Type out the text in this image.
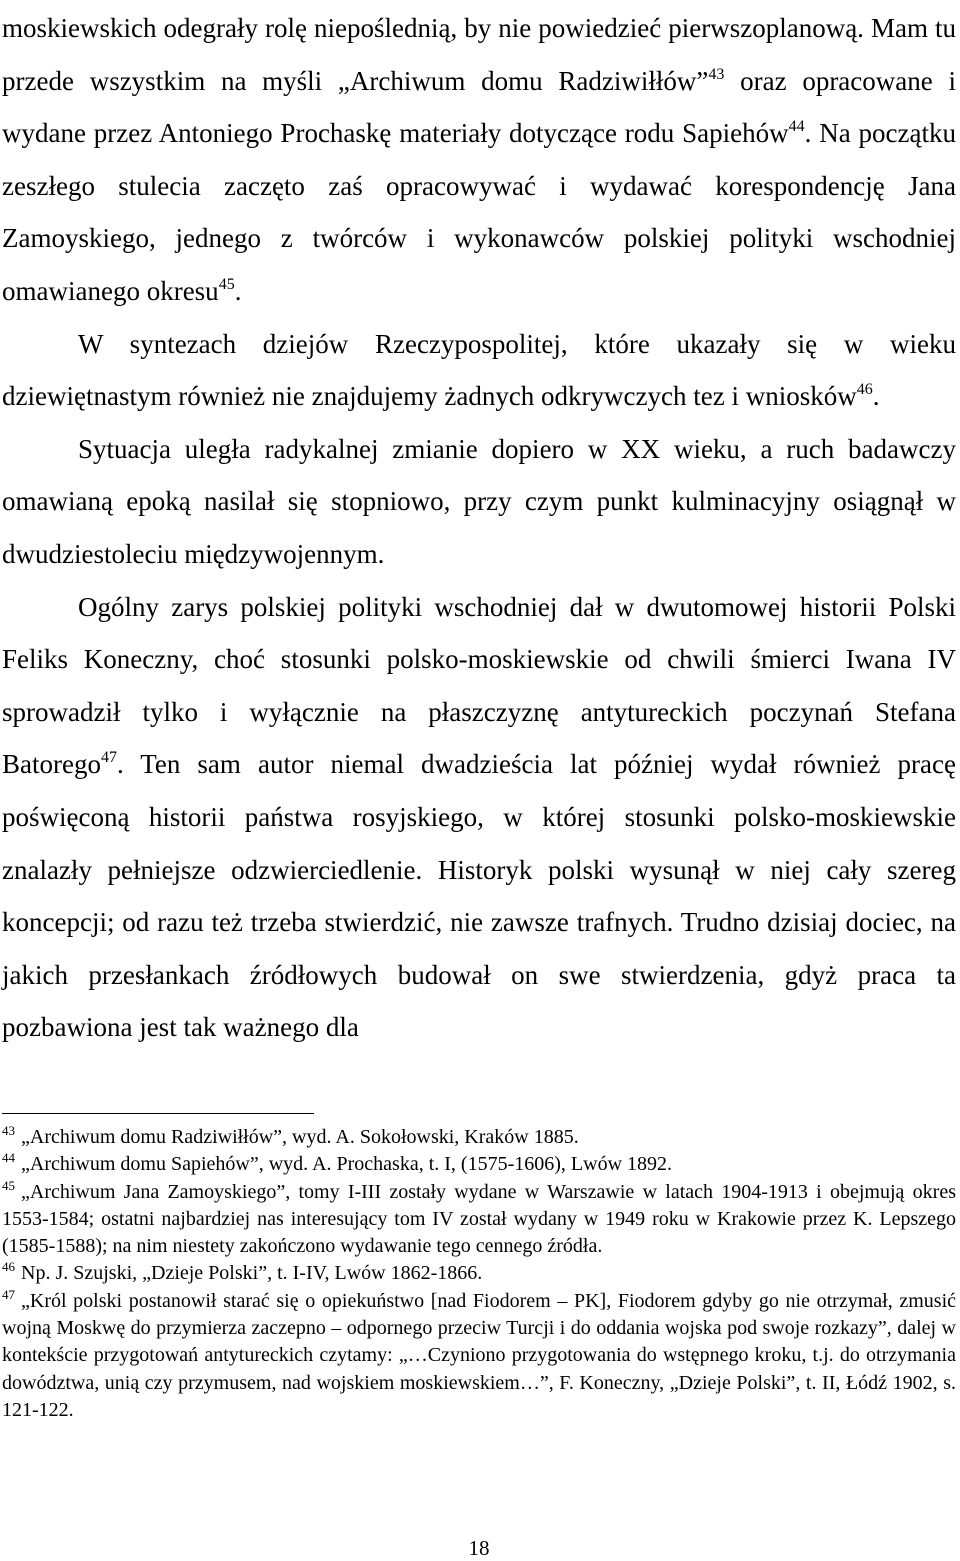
moskiewskich odegrały rolę niepoślednią, by nie powiedzieć pierwszoplanową. Mam tu przede wszystkim na myśli „Archiwum domu Radziwiłłów”$^{43}$ oraz opracowane i wydane przez Antoniego Prochaskę materiały dotyczące rodu Sapiehów$^{44}$. Na początku zeszłego stulecia zaczęto zaś opracowywać i wydawać korespondencję Jana Zamoyskiego, jednego z twórców i wykonawców polskiej polityki wschodniej omawianego okresu$^{45}$.

W syntezach dziejów Rzeczypospolitej, które ukazały się w wieku dziewiętnastym również nie znajdujemy żadnych odkrywczych tez i wniosków$^{46}$.

Sytuacja uległa radykalnej zmianie dopiero w XX wieku, a ruch badawczy omawianą epoką nasilał się stopniowo, przy czym punkt kulminacyjny osiągnął w dwudziestoleciu międzywojennym.

Ogólny zarys polskiej polityki wschodniej dał w dwutomowej historii Polski Feliks Koneczny, choć stosunki polsko-moskiewskie od chwili śmierci Iwana IV sprowadził tylko i wyłącznie na płaszczyznę antytureckich poczynań Stefana Batorego$^{47}$. Ten sam autor niemal dwadzieścia lat później wydał również pracę poświęconą historii państwa rosyjskiego, w której stosunki polsko-moskiewskie znalazły pełniejsze odzwierciedlenie. Historyk polski wysunął w niej cały szereg koncepcji; od razu też trzeba stwierdzić, nie zawsze trafnych. Trudno dzisiaj dociec, na jakich przesłankach źródłowych budował on swe stwierdzenia, gdyż praca ta pozbawiona jest tak ważnego dla

$^{43}$ „Archiwum domu Radziwiłłów”, wyd. A. Sokołowski, Kraków 1885.

$^{44}$ „Archiwum domu Sapiehów”, wyd. A. Prochaska, t. I, (1575-1606), Lwów 1892.

$^{45}$ „Archiwum Jana Zamoyskiego”, tomy I-III zostały wydane w Warszawie w latach 1904-1913 i obejmują okres 1553-1584; ostatni najbardziej nas interesujący tom IV został wydany w 1949 roku w Krakowie przez K. Lepszego (1585-1588); na nim niestety zakończono wydawanie tego cennego źródła.

$^{46}$ Np. J. Szujski, „Dzieje Polski”, t. I-IV, Lwów 1862-1866.

$^{47}$ „Król polski postanowił starać się o opiekuństwo [nad Fiodorem – PK], Fiodorem gdyby go nie otrzymał, zmusić wojną Moskwę do przymierza zaczepno – odpornego przeciw Turcji i do oddania wojska pod swoje rozkazy”, dalej w kontekście przygotowań antytureckich czytamy: „…Czyniono przygotowania do wstępnego kroku, t.j. do otrzymania dowództwa, unią czy przymusem, nad wojskiem moskiewskiem…”, F. Koneczny, „Dzieje Polski”, t. II, Łódź 1902, s. 121-122.

18
